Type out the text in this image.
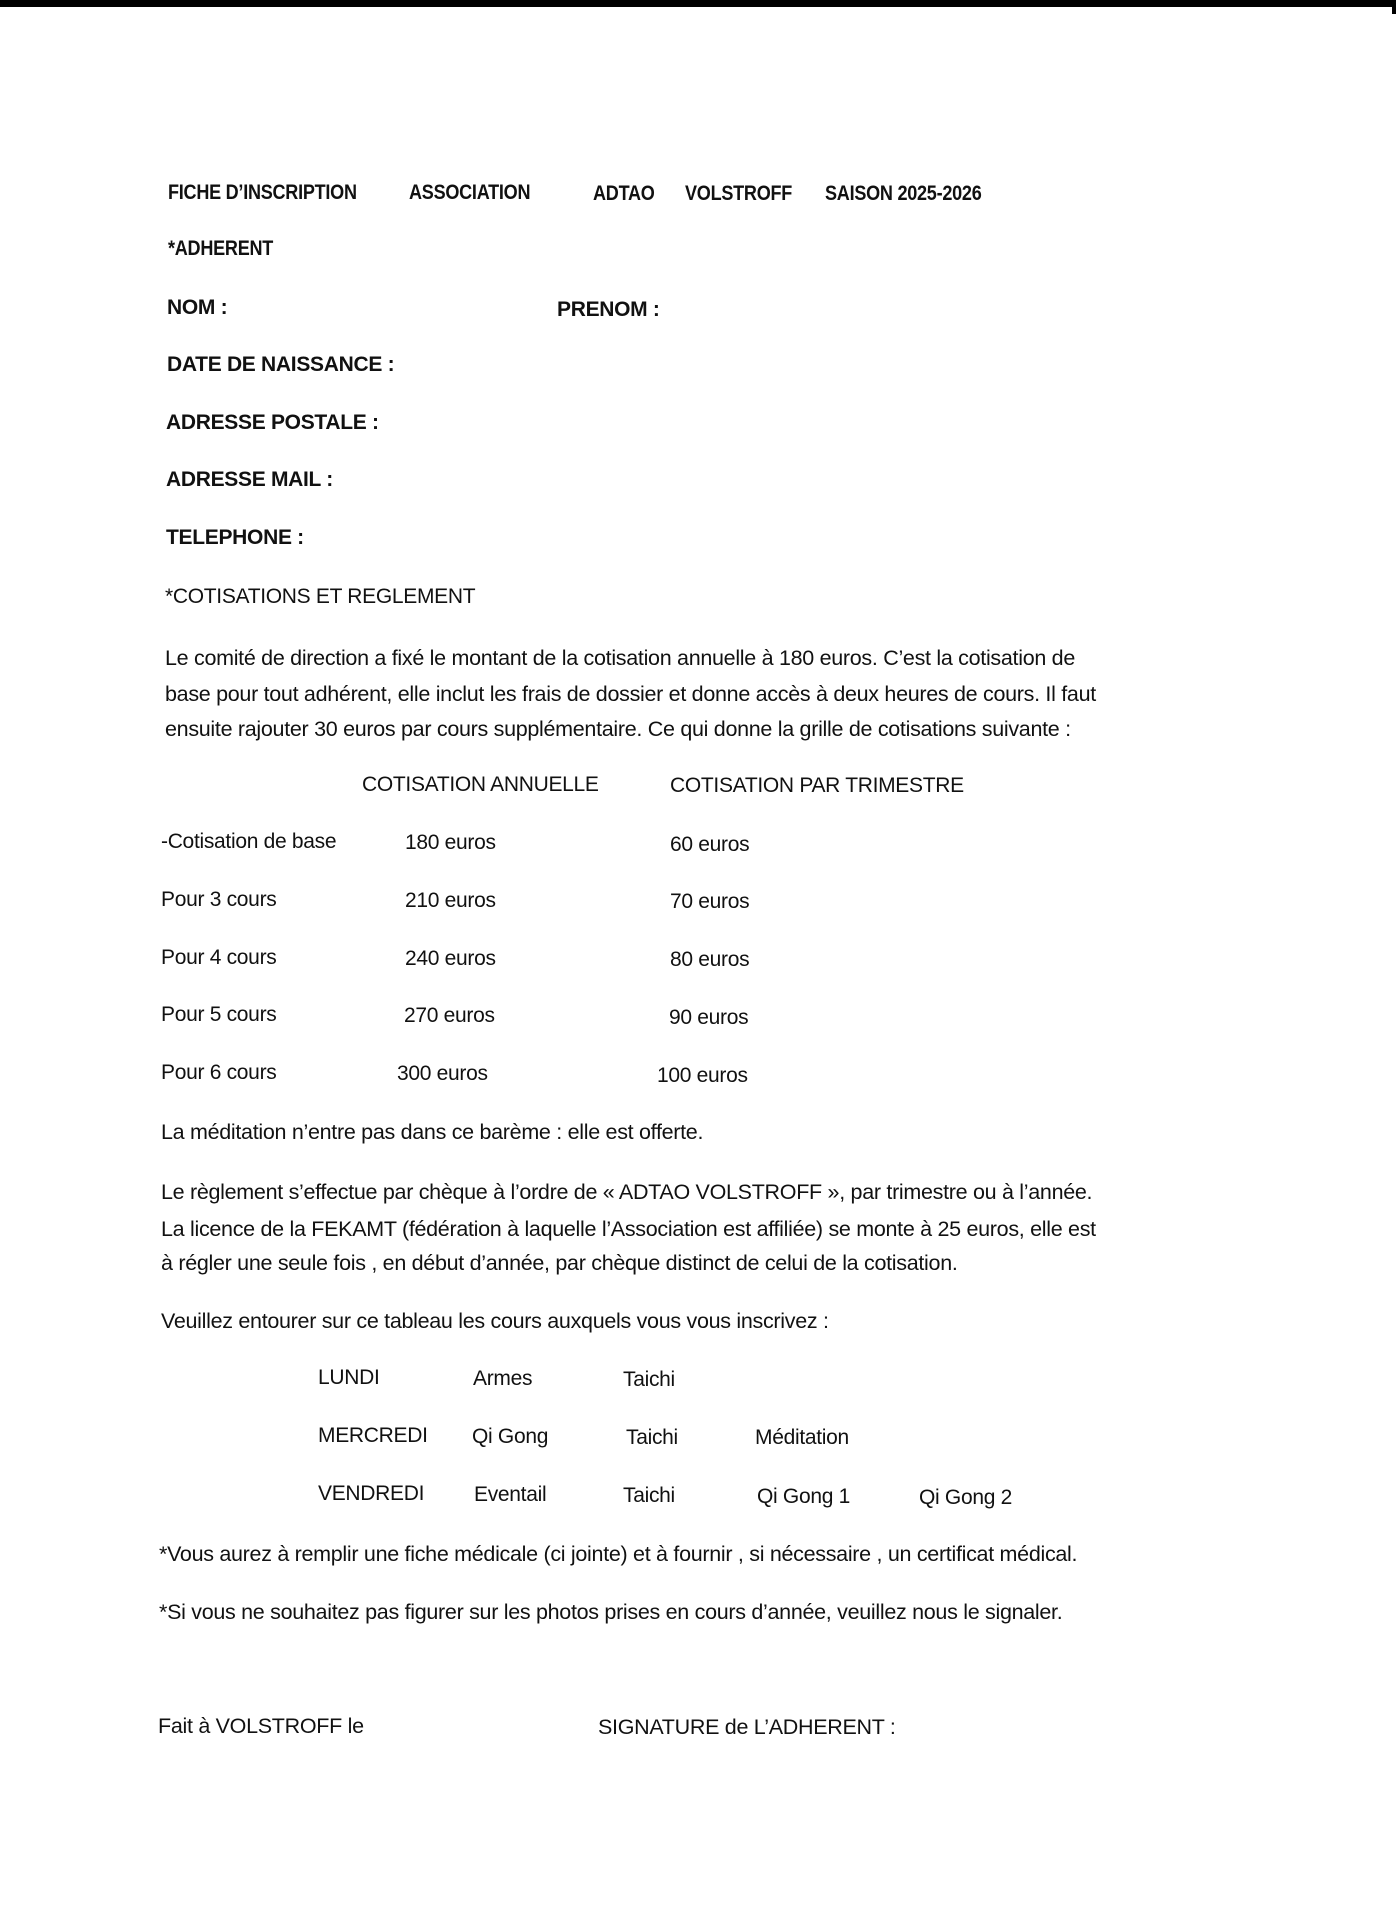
FICHE D’INSCRIPTION ASSOCIATION	ADTAO VOLSTROFF SAISON 2025-2026
*ADHERENT
NOM :	PRENOM :
DATE DE NAISSANCE :
ADRESSE POSTALE :
ADRESSE MAIL :
TELEPHONE :
*COTISATIONS ET REGLEMENT
Le comité de direction a fixé le montant de la cotisation annuelle à 180 euros. C’est la cotisation de
base pour tout adhérent, elle inclut les frais de dossier et donne accès à deux heures de cours. Il faut
ensuite rajouter 30 euros par cours supplémentaire. Ce qui donne la grille de cotisations suivante :
COTISATION ANNUELLE	COTISATION PAR TRIMESTRE
-Cotisation de base	180 euros	60 euros
Pour 3 cours	210 euros	70 euros
Pour 4 cours	240 euros	80 euros
Pour 5 cours	270 euros	90 euros
Pour 6 cours	300 euros	100 euros
La méditation n’entre pas dans ce barème : elle est offerte.
Le règlement s’effectue par chèque à l’ordre de « ADTAO VOLSTROFF », par trimestre ou à l’année.
La licence de la FEKAMT (fédération à laquelle l’Association est affiliée) se monte à 25 euros, elle est
à régler une seule fois , en début d’année, par chèque distinct de celui de la cotisation.
Veuillez entourer sur ce tableau les cours auxquels vous vous inscrivez :
LUNDI	Armes	Taichi
MERCREDI Qi Gong	Taichi	Méditation
VENDREDI Eventail	Taichi	Qi Gong 1	Qi Gong 2
*Vous aurez à remplir une fiche médicale (ci jointe) et à fournir , si nécessaire , un certificat médical.
*Si vous ne souhaitez pas figurer sur les photos prises en cours d’année, veuillez nous le signaler.
Fait à VOLSTROFF le	SIGNATURE de L’ADHERENT :
